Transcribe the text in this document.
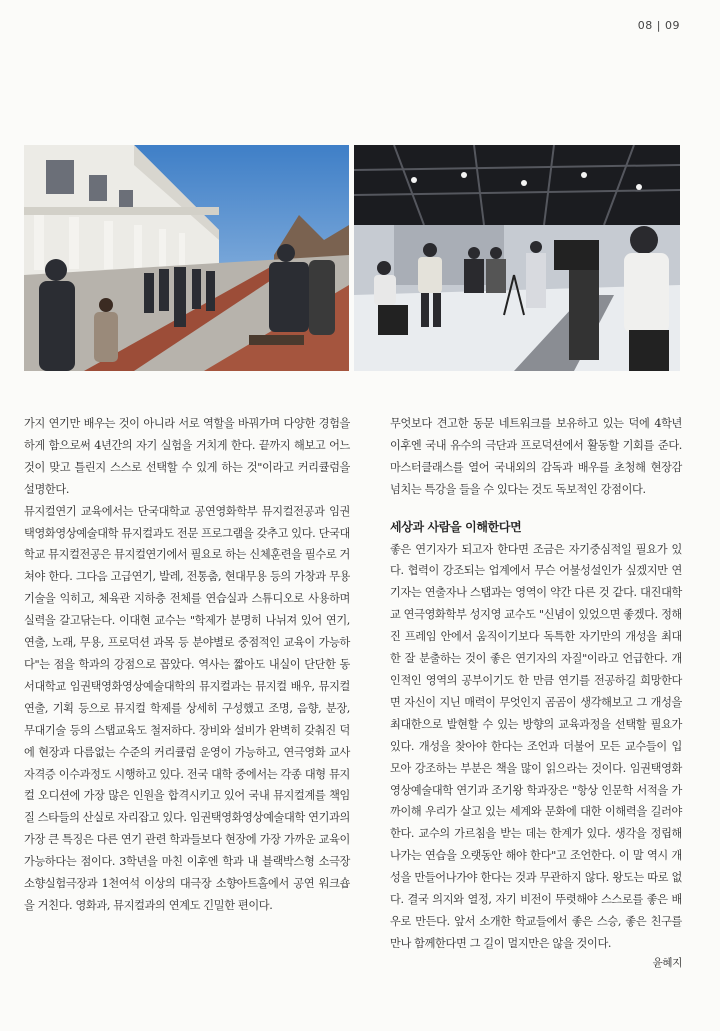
08 | 09

가지 연기만 배우는 것이 아니라 서로 역할을 바꿔가며 다양한 경험을 하게 함으로써 4년간의 자기 실험을 거치게 한다. 끝까지 해보고 어느 것이 맞고 틀린지 스스로 선택할 수 있게 하는 것"이라고 커리큘럼을 설명한다.

뮤지컬연기 교육에서는 단국대학교 공연영화학부 뮤지컬전공과 임권택영화영상예술대학 뮤지컬과도 전문 프로그램을 갖추고 있다. 단국대학교 뮤지컬전공은 뮤지컬연기에서 필요로 하는 신체훈련을 필수로 거쳐야 한다. 그다음 고급연기, 발레, 전통춤, 현대무용 등의 가창과 무용기술을 익히고, 체육관 지하층 전체를 연습실과 스튜디오로 사용하며 실력을 갈고닦는다. 이대현 교수는 "학제가 분명히 나뉘져 있어 연기, 연출, 노래, 무용, 프로덕션 과목 등 분야별로 중점적인 교육이 가능하다"는 점을 학과의 강점으로 꼽았다. 역사는 짧아도 내실이 단단한 동서대학교 임권택영화영상예술대학의 뮤지컬과는 뮤지컬 배우, 뮤지컬 연출, 기획 등으로 뮤지컬 학제를 상세히 구성했고 조명, 음향, 분장, 무대기술 등의 스탭교육도 철저하다. 장비와 설비가 완벽히 갖춰진 덕에 현장과 다름없는 수준의 커리큘럼 운영이 가능하고, 연극영화 교사자격증 이수과정도 시행하고 있다. 전국 대학 중에서는 각종 대형 뮤지컬 오디션에 가장 많은 인원을 합격시키고 있어 국내 뮤지컬계를 책임질 스타들의 산실로 자리잡고 있다. 임권택영화영상예술대학 연기과의 가장 큰 특징은 다른 연기 관련 학과들보다 현장에 가장 가까운 교육이 가능하다는 점이다. 3학년을 마친 이후엔 학과 내 블랙박스형 소극장 소향실험극장과 1천여석 이상의 대극장 소향아트홀에서 공연 워크숍을 거친다. 영화과, 뮤지컬과의 연계도 긴밀한 편이다.

무엇보다 견고한 동문 네트워크를 보유하고 있는 덕에 4학년 이후엔 국내 유수의 극단과 프로덕션에서 활동할 기회를 준다. 마스터클래스를 열어 국내외의 감독과 배우를 초청해 현장감 넘치는 특강을 들을 수 있다는 것도 독보적인 강점이다.

세상과 사람을 이해한다면

좋은 연기자가 되고자 한다면 조금은 자기중심적일 필요가 있다. 협력이 강조되는 업계에서 무슨 어불성설인가 싶겠지만 연기자는 연출자나 스탭과는 영역이 약간 다른 것 같다. 대진대학교 연극영화학부 성지영 교수도 "신념이 있었으면 좋겠다. 정해진 프레임 안에서 움직이기보다 독특한 자기만의 개성을 최대한 잘 분출하는 것이 좋은 연기자의 자질"이라고 언급한다. 개인적인 영역의 공부이기도 한 만큼 연기를 전공하길 희망한다면 자신이 지닌 매력이 무엇인지 곰곰이 생각해보고 그 개성을 최대한으로 발현할 수 있는 방향의 교육과정을 선택할 필요가 있다. 개성을 찾아야 한다는 조언과 더불어 모든 교수들이 입 모아 강조하는 부분은 책을 많이 읽으라는 것이다. 임권택영화영상예술대학 연기과 조기왕 학과장은 "항상 인문학 서적을 가까이해 우리가 살고 있는 세계와 문화에 대한 이해력을 길러야 한다. 교수의 가르침을 받는 데는 한계가 있다. 생각을 정립해나가는 연습을 오랫동안 해야 한다"고 조언한다. 이 말 역시 개성을 만들어나가야 한다는 것과 무관하지 않다. 왕도는 따로 없다. 결국 의지와 열정, 자기 비전이 뚜렷해야 스스로를 좋은 배우로 만든다. 앞서 소개한 학교들에서 좋은 스승, 좋은 친구를 만나 함께한다면 그 길이 멀지만은 않을 것이다.

윤혜지
